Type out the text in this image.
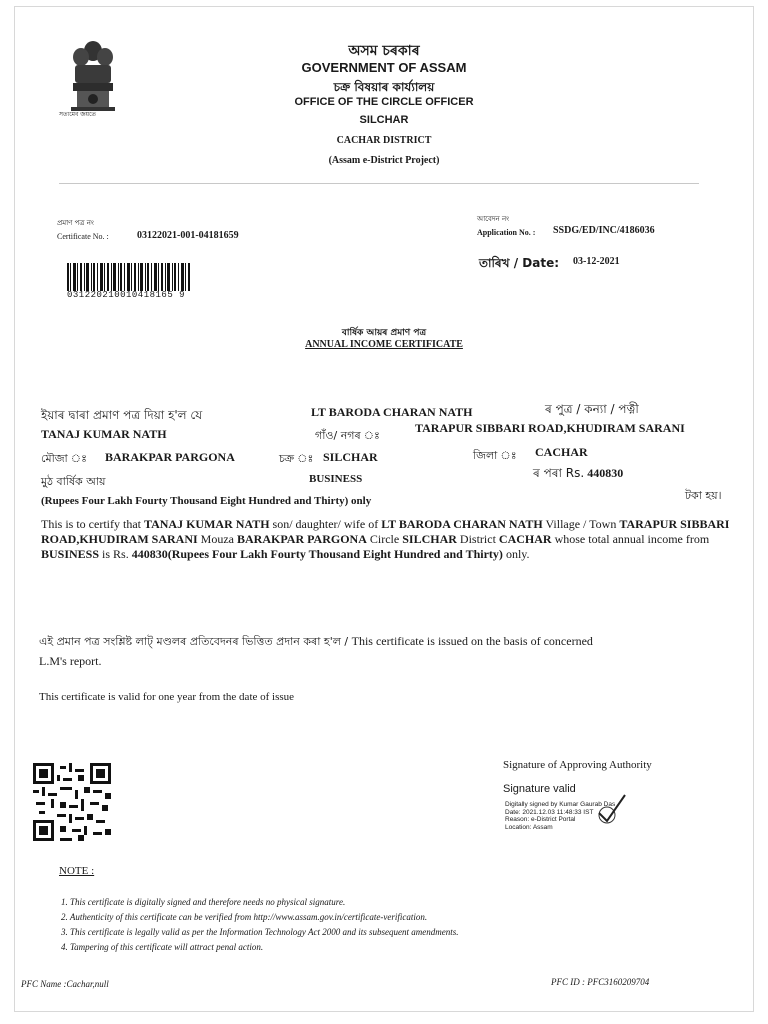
সত্যমেব জয়তে
অসম চৰকাৰ
GOVERNMENT OF ASSAM
চক্ৰ বিষয়াৰ কাৰ্য্যালয়
OFFICE OF THE CIRCLE OFFICER
SILCHAR
CACHAR DISTRICT
(Assam e-District Project)
প্ৰমাণ পত্ৰ নং
Certificate No. :	03122021-001-04181659
আবেদন নং
Application No. : SSDG/ED/INC/4186036
তাৰিখ / Date: 03-12-2021
031220210010418165 9
বাৰ্ষিক আয়ৰ প্ৰমাণ পত্ৰ
ANNUAL INCOME CERTIFICATE
ইয়াৰ দ্বাৰা প্ৰমাণ পত্ৰ দিয়া হ'ল যে	LT BARODA CHARAN NATH	ৰ পুত্ৰ / কন্যা / পত্নী
TANAJ KUMAR NATH	গাঁও/ নগৰ ঃ
TARAPUR SIBBARI ROAD,KHUDIRAM SARANI
মৌজা ঃ BARAKPAR PARGONA	চক্ৰ ঃ SILCHAR	জিলা ঃ CACHAR
মুঠ বাৰ্ষিক আয়	BUSINESS	ৰ পৰা Rs. 440830
(Rupees Four Lakh Fourty Thousand Eight Hundred and Thirty) only	টকা হয়।
This is to certify that TANAJ KUMAR NATH son/ daughter/ wife of LT BARODA CHARAN NATH Village / Town TARAPUR SIBBARI ROAD,KHUDIRAM SARANI Mouza BARAKPAR PARGONA Circle SILCHAR District CACHAR whose total annual income from BUSINESS is Rs. 440830(Rupees Four Lakh Fourty Thousand Eight Hundred and Thirty) only.
এই প্ৰমান পত্ৰ সংশ্লিষ্ট লাট্ মণ্ডলৰ প্ৰতিবেদনৰ ভিত্তিত প্ৰদান কৰা হ'ল / This certificate is issued on the basis of concerned
L.M's report.
This certificate is valid for one year from the date of issue
Signature of Approving Authority
Signature valid
Digitally signed by Kumar Gaurab Das
Date: 2021.12.03 11:48:33 IST
Reason: e-District Portal
Location: Assam
NOTE :
1. This certificate is digitally signed and therefore needs no physical signature.
2. Authenticity of this certificate can be verified from http://www.assam.gov.in/certificate-verification.
3. This certificate is legally valid as per the Information Technology Act 2000 and its subsequent amendments.
4. Tampering of this certificate will attract penal action.
PFC Name :Cachar,null	PFC ID : PFC3160209704
